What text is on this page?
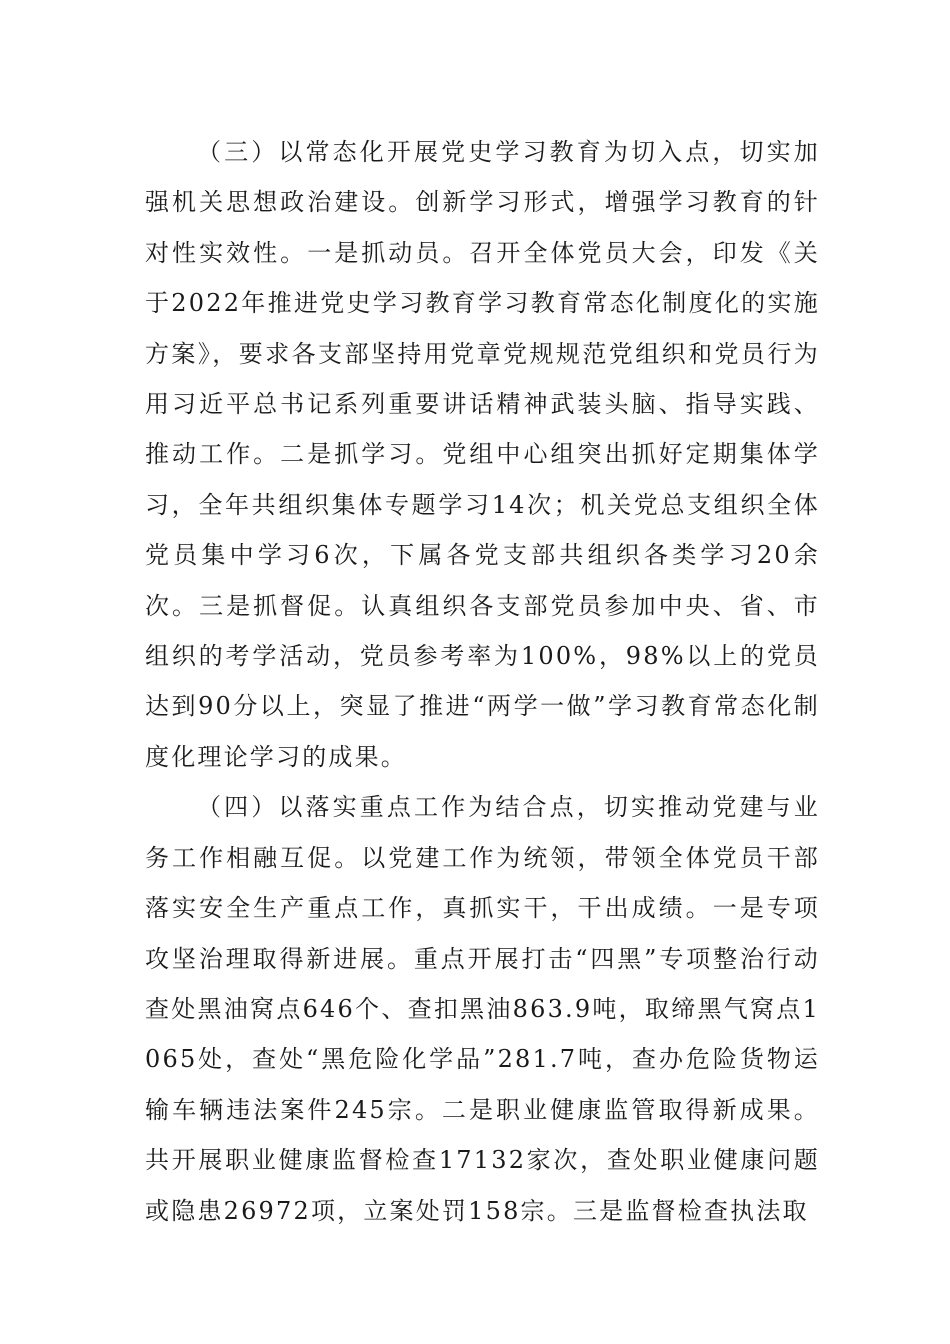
（三）以常态化开展党史学习教育为切入点，切实加强机关思想政治建设。创新学习形式，增强学习教育的针对性实效性。一是抓动员。召开全体党员大会，印发《关于2022年推进党史学习教育学习教育常态化制度化的实施方案》，要求各支部坚持用党章党规规范党组织和党员行为用习近平总书记系列重要讲话精神武装头脑、指导实践、推动工作。二是抓学习。党组中心组突出抓好定期集体学习，全年共组织集体专题学习14次；机关党总支组织全体党员集中学习6次，下属各党支部共组织各类学习20余次。三是抓督促。认真组织各支部党员参加中央、省、市组织的考学活动，党员参考率为100%，98%以上的党员达到90分以上，突显了推进“两学一做”学习教育常态化制度化理论学习的成果。

（四）以落实重点工作为结合点，切实推动党建与业务工作相融互促。以党建工作为统领，带领全体党员干部落实安全生产重点工作，真抓实干，干出成绩。一是专项攻坚治理取得新进展。重点开展打击“四黑”专项整治行动查处黑油窝点646个、查扣黑油863.9吨，取缔黑气窝点1065处，查处“黑危险化学品”281.7吨，查办危险货物运输车辆违法案件245宗。二是职业健康监管取得新成果。共开展职业健康监督检查17132家次，查处职业健康问题或隐患26972项，立案处罚158宗。三是监督检查执法取
